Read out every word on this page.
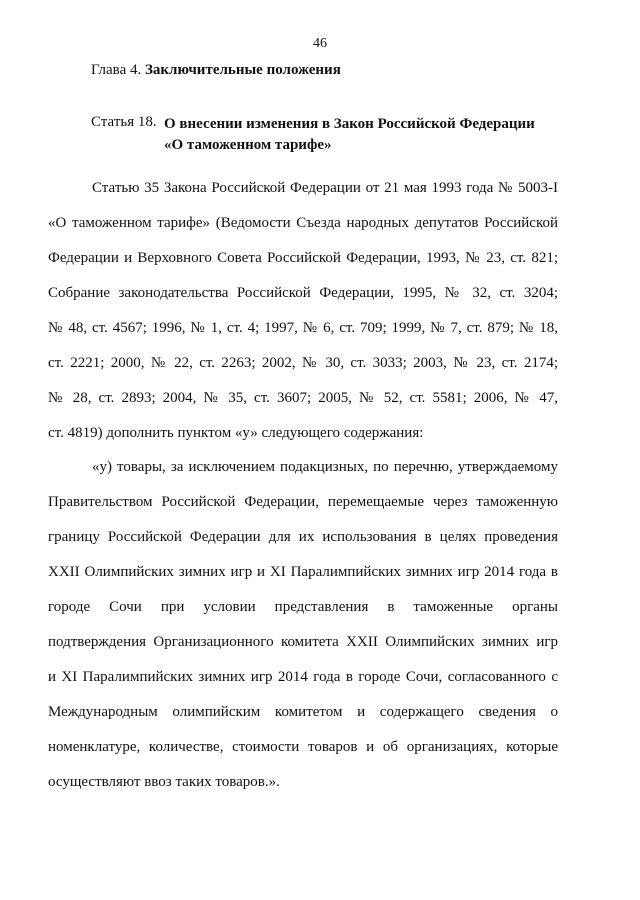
46
Глава 4. Заключительные положения
Статья 18. О внесении изменения в Закон Российской Федерации
«О таможенном тарифе»
Статью 35 Закона Российской Федерации от 21 мая 1993 года № 5003-I
«О таможенном тарифе» (Ведомости Съезда народных депутатов Российской
Федерации и Верховного Совета Российской Федерации, 1993, № 23, ст. 821;
Собрание законодательства Российской Федерации, 1995, № 32, ст. 3204;
№ 48, ст. 4567; 1996, № 1, ст. 4; 1997, № 6, ст. 709; 1999, № 7, ст. 879; № 18,
ст. 2221; 2000, № 22, ст. 2263; 2002, № 30, ст. 3033; 2003, № 23, ст. 2174;
№ 28, ст. 2893; 2004, № 35, ст. 3607; 2005, № 52, ст. 5581; 2006, № 47,
ст. 4819) дополнить пунктом «у» следующего содержания:
«у) товары, за исключением подакцизных, по перечню, утверждаемому
Правительством Российской Федерации, перемещаемые через таможенную
границу Российской Федерации для их использования в целях проведения
XXII Олимпийских зимних игр и XI Паралимпийских зимних игр 2014 года в
городе Сочи при условии представления в таможенные органы
подтверждения Организационного комитета XXII Олимпийских зимних игр
и XI Паралимпийских зимних игр 2014 года в городе Сочи, согласованного с
Международным олимпийским комитетом и содержащего сведения о
номенклатуре, количестве, стоимости товаров и об организациях, которые
осуществляют ввоз таких товаров.».
